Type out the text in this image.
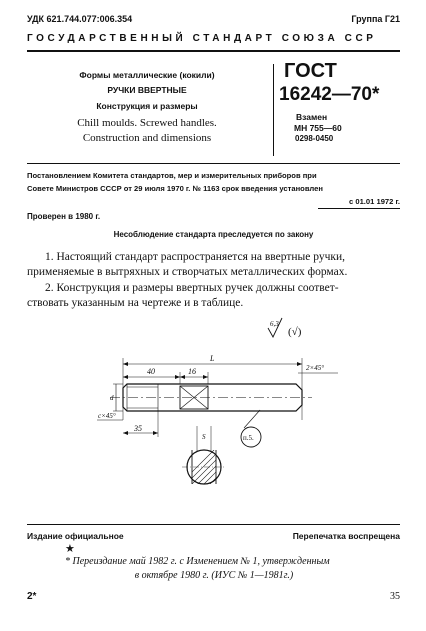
УДК 621.744.077:006.354	Группа Г21
ГОСУДАРСТВЕННЫЙ СТАНДАРТ СОЮЗА ССР
Формы металлические (кокили)
РУЧКИ ВВЕРТНЫЕ
Конструкция и размеры
Chill moulds. Screwed handles.
Construction and dimensions
ГОСТ
16242—70*
Взамен
МН 755—60
0298-0450
Постановлением Комитета стандартов, мер и измерительных приборов при
Совете Министров СССР от 29 июля 1970 г. № 1163 срок введения установлен
с 01.01 1972 г.
Проверен в 1980 г.
Несоблюдение стандарта преследуется по закону
1. Настоящий стандарт распространяется на ввертные ручки,
применяемые в вытряхных и створчатых металлических формах.
2. Конструкция и размеры ввертных ручек должны соответ-
ствовать указанным на чертеже и в таблице.
6,3
(√)
L
40	16	2×45°
d
c×45°
35
S	п.5.
Издание официальное	Перепечатка воспрещена
★
* Переиздание май 1982 г. с Изменением № 1, утвержденным
в октябре 1980 г. (ИУС № 1—1981г.)
2*	35
